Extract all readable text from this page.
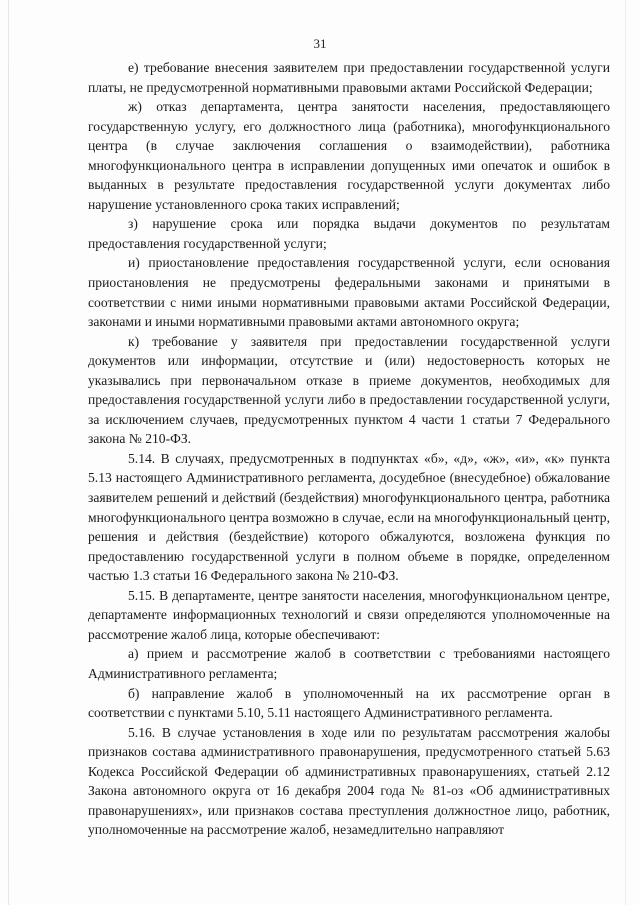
31

е) требование внесения заявителем при предоставлении государственной услуги платы, не предусмотренной нормативными правовыми актами Российской Федерации;

ж) отказ департамента, центра занятости населения, предоставляющего государственную услугу, его должностного лица (работника), многофункционального центра (в случае заключения соглашения о взаимодействии), работника многофункционального центра в исправлении допущенных ими опечаток и ошибок в выданных в результате предоставления государственной услуги документах либо нарушение установленного срока таких исправлений;

з) нарушение срока или порядка выдачи документов по результатам предоставления государственной услуги;

и) приостановление предоставления государственной услуги, если основания приостановления не предусмотрены федеральными законами и принятыми в соответствии с ними иными нормативными правовыми актами Российской Федерации, законами и иными нормативными правовыми актами автономного округа;

к) требование у заявителя при предоставлении государственной услуги документов или информации, отсутствие и (или) недостоверность которых не указывались при первоначальном отказе в приеме документов, необходимых для предоставления государственной услуги либо в предоставлении государственной услуги, за исключением случаев, предусмотренных пунктом 4 части 1 статьи 7 Федерального закона № 210-ФЗ.

5.14. В случаях, предусмотренных в подпунктах «б», «д», «ж», «и», «к» пункта 5.13 настоящего Административного регламента, досудебное (внесудебное) обжалование заявителем решений и действий (бездействия) многофункционального центра, работника многофункционального центра возможно в случае, если на многофункциональный центр, решения и действия (бездействие) которого обжалуются, возложена функция по предоставлению государственной услуги в полном объеме в порядке, определенном частью 1.3 статьи 16 Федерального закона № 210-ФЗ.

5.15. В департаменте, центре занятости населения, многофункциональном центре, департаменте информационных технологий и связи определяются уполномоченные на рассмотрение жалоб лица, которые обеспечивают:

а) прием и рассмотрение жалоб в соответствии с требованиями настоящего Административного регламента;

б) направление жалоб в уполномоченный на их рассмотрение орган в соответствии с пунктами 5.10, 5.11 настоящего Административного регламента.

5.16. В случае установления в ходе или по результатам рассмотрения жалобы признаков состава административного правонарушения, предусмотренного статьей 5.63 Кодекса Российской Федерации об административных правонарушениях, статьей 2.12 Закона автономного округа от 16 декабря 2004 года № 81-оз «Об административных правонарушениях», или признаков состава преступления должностное лицо, работник, уполномоченные на рассмотрение жалоб, незамедлительно направляют
